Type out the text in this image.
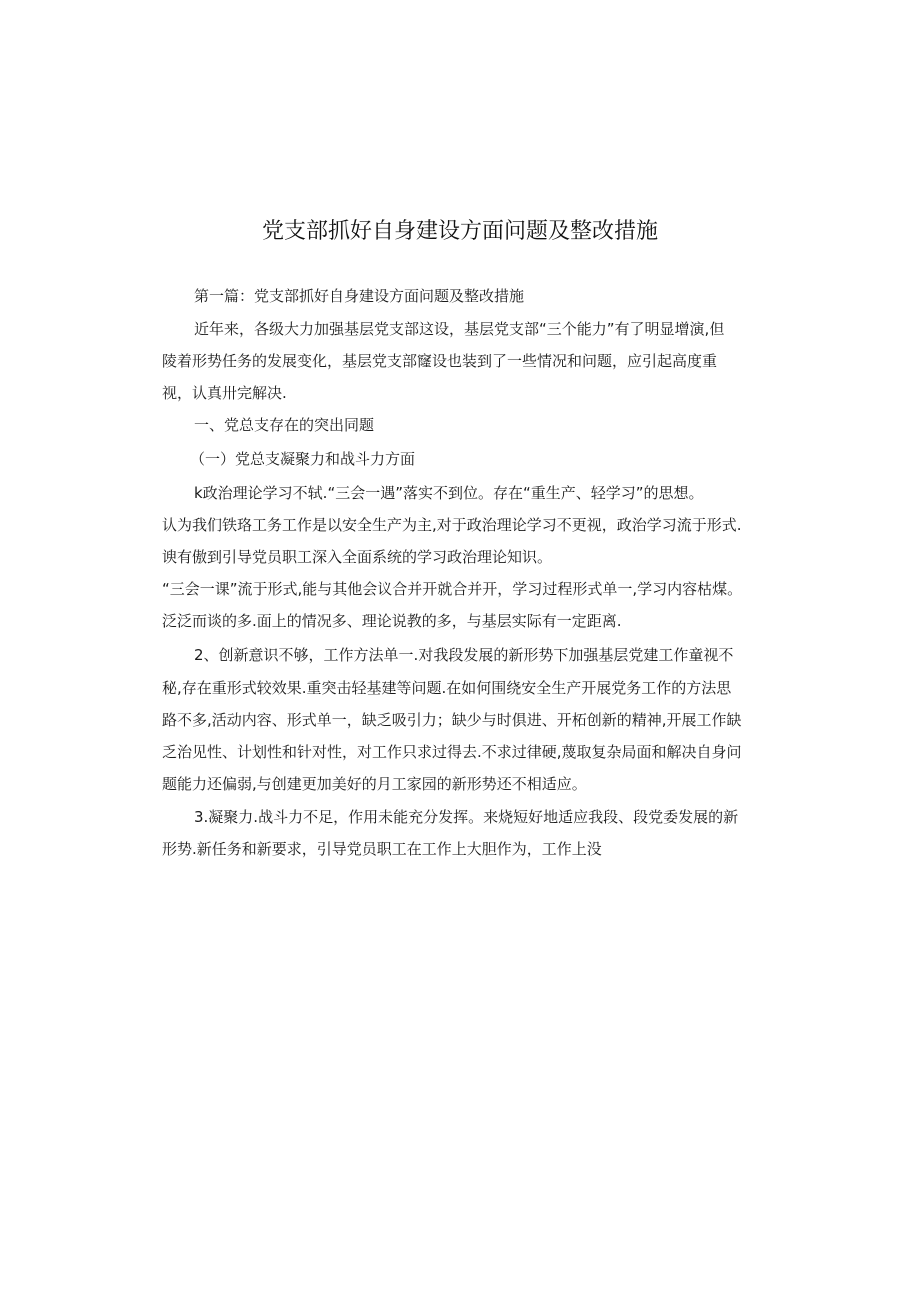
党支部抓好自身建设方面问题及整改措施
第一篇：党支部抓好自身建设方面问题及整改措施
近年来，各级大力加强基层党支部这设，基层党支部“三个能力”有了明显增演,但
陵着形势任务的发展变化，基层党支部窿设也装到了一些情况和问题，应引起高度重
视，认真卅完解决.
一、党总支存在的突出同题
（一）党总支凝聚力和战斗力方面
k政治理论学习不轼.“三会一遇”落实不到位。存在“重生产、轻学习”的思想。
认为我们铁珞工务工作是以安全生产为主,对于政治理论学习不更视，政治学习流于形式.
谀有傲到引导党员职工深入全面系统的学习政治理论知识。
“三会一课”流于形式,能与其他会议合并开就合并开，学习过程形式单一,学习内容枯煤。
泛泛而谈的多.面上的情况多、理论说教的多，与基层实际有一定距离.
2、创新意识不够，工作方法单一.对我段发展的新形势下加强基层党建工作童视不
秘,存在重形式较效果.重突击轻基建等问题.在如何围绕安全生产开展党务工作的方法思
路不多,活动内容、形式单一，缺乏吸引力；缺少与时俱进、开柘创新的精神,开展工作缺
乏治见性、计划性和针对性，对工作只求过得去.不求过律硬,蔑取复杂局面和解决自身问
题能力还偏弱,与创建更加美好的月工家园的新形势还不相适应。
3.凝聚力.战斗力不足，作用未能充分发挥。来烧短好地适应我段、段党委发展的新
形势.新任务和新要求，引导党员职工在工作上大胆作为，工作上没
